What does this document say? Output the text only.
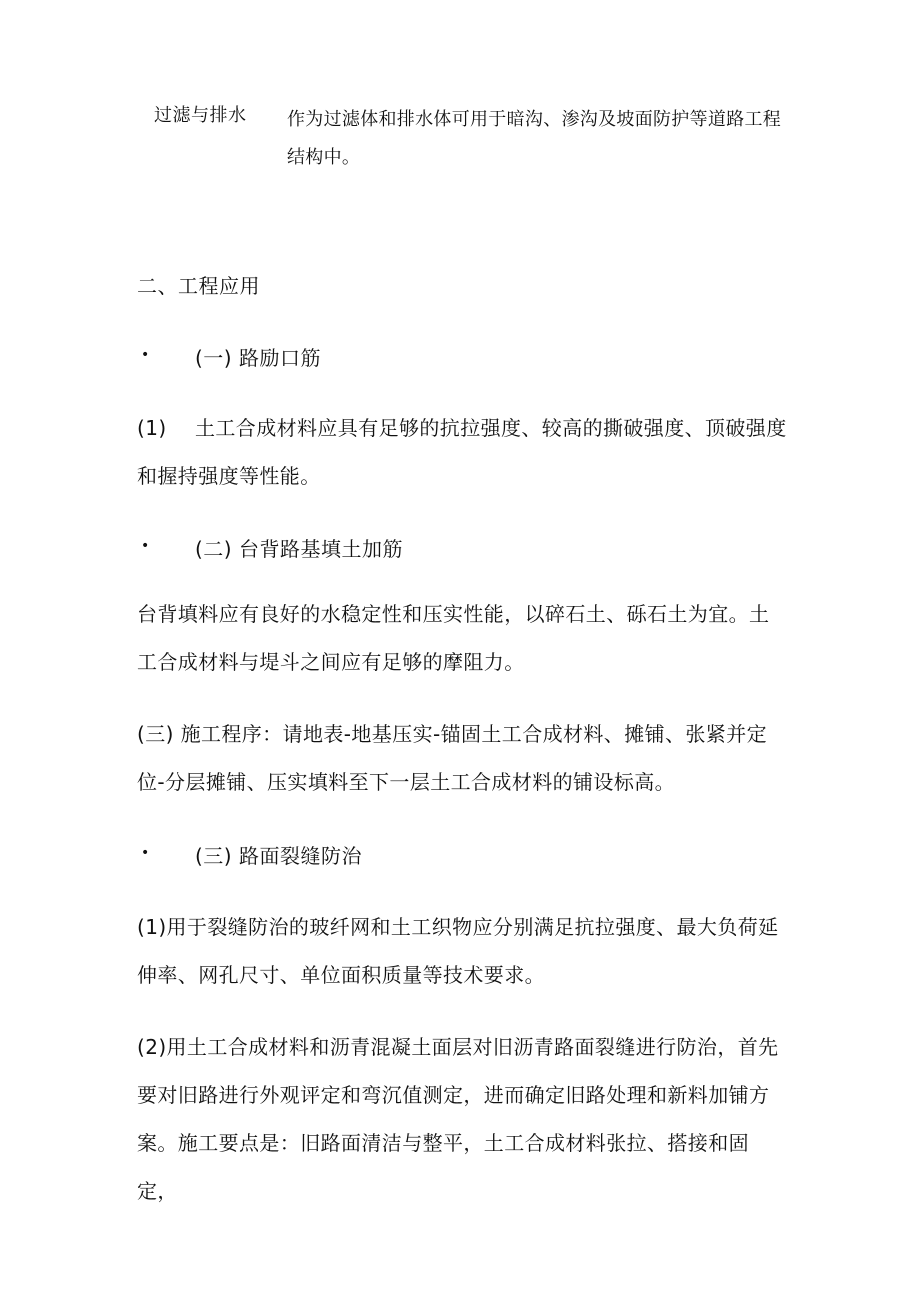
过滤与排水 作为过滤体和排水体可用于暗沟、渗沟及坡面防护等道路工程结构中。
二、工程应用
• (一) 路励口筋
(1) 土工合成材料应具有足够的抗拉强度、较高的撕破强度、顶破强度和握持强度等性能。
• (二) 台背路基填土加筋
台背填料应有良好的水稳定性和压实性能，以碎石土、砾石土为宜。土工合成材料与堤斗之间应有足够的摩阻力。
(三) 施工程序：请地表-地基压实-锚固土工合成材料、摊铺、张紧并定位-分层摊铺、压实填料至下一层土工合成材料的铺设标高。
• (三) 路面裂缝防治
(1)用于裂缝防治的玻纤网和土工织物应分别满足抗拉强度、最大负荷延伸率、网孔尺寸、单位面积质量等技术要求。
(2)用土工合成材料和沥青混凝土面层对旧沥青路面裂缝进行防治，首先要对旧路进行外观评定和弯沉值测定，进而确定旧路处理和新料加铺方案。施工要点是：旧路面清洁与整平，土工合成材料张拉、搭接和固定，
